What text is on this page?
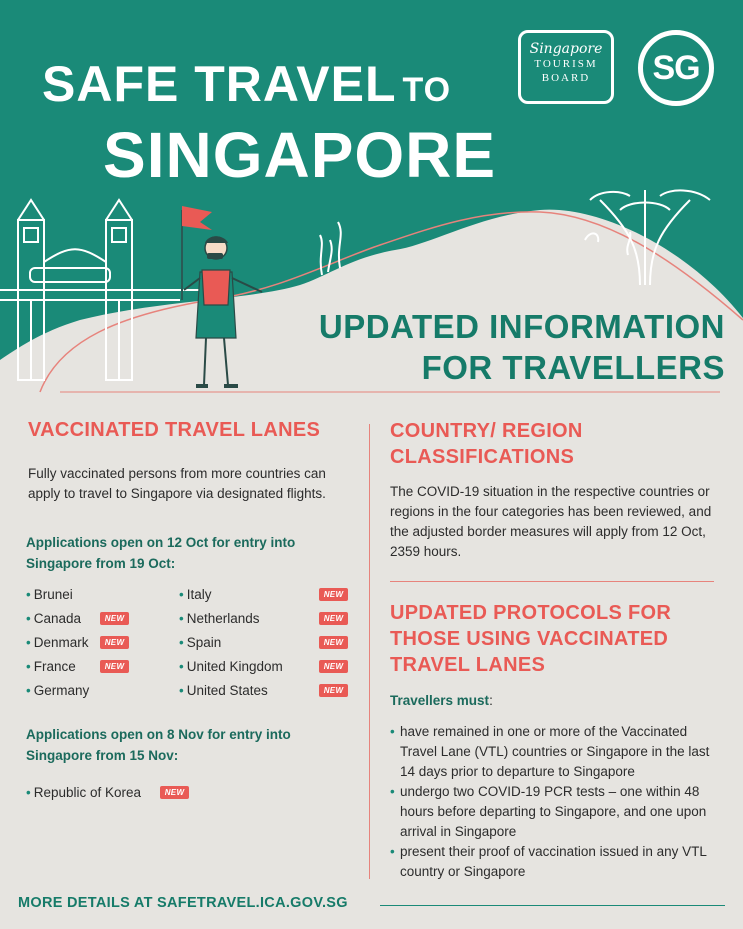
SAFE TRAVEL TO
SINGAPORE
Singapore
TOURISM
BOARD	SG
UPDATED INFORMATION
FOR TRAVELLERS
VACCINATED TRAVEL LANES
Fully vaccinated persons from more countries can apply to travel to Singapore via designated flights.
Applications open on 12 Oct for entry into Singapore from 19 Oct:
• Brunei
• Canada	NEW
• Denmark	NEW
• France	NEW
• Germany
• Italy	NEW
• Netherlands	NEW
• Spain	NEW
• United Kingdom	NEW
• United States	NEW
Applications open on 8 Nov for entry into Singapore from 15 Nov:
• Republic of Korea	NEW
COUNTRY/ REGION
CLASSIFICATIONS
The COVID-19 situation in the respective countries or regions in the four categories has been reviewed, and the adjusted border measures will apply from 12 Oct, 2359 hours.
UPDATED PROTOCOLS FOR
THOSE USING VACCINATED
TRAVEL LANES
Travellers must:
• have remained in one or more of the Vaccinated Travel Lane (VTL) countries or Singapore in the last 14 days prior to departure to Singapore
• undergo two COVID-19 PCR tests – one within 48 hours before departing to Singapore, and one upon arrival in Singapore
• present their proof of vaccination issued in any VTL country or Singapore
MORE DETAILS AT SAFETRAVEL.ICA.GOV.SG
